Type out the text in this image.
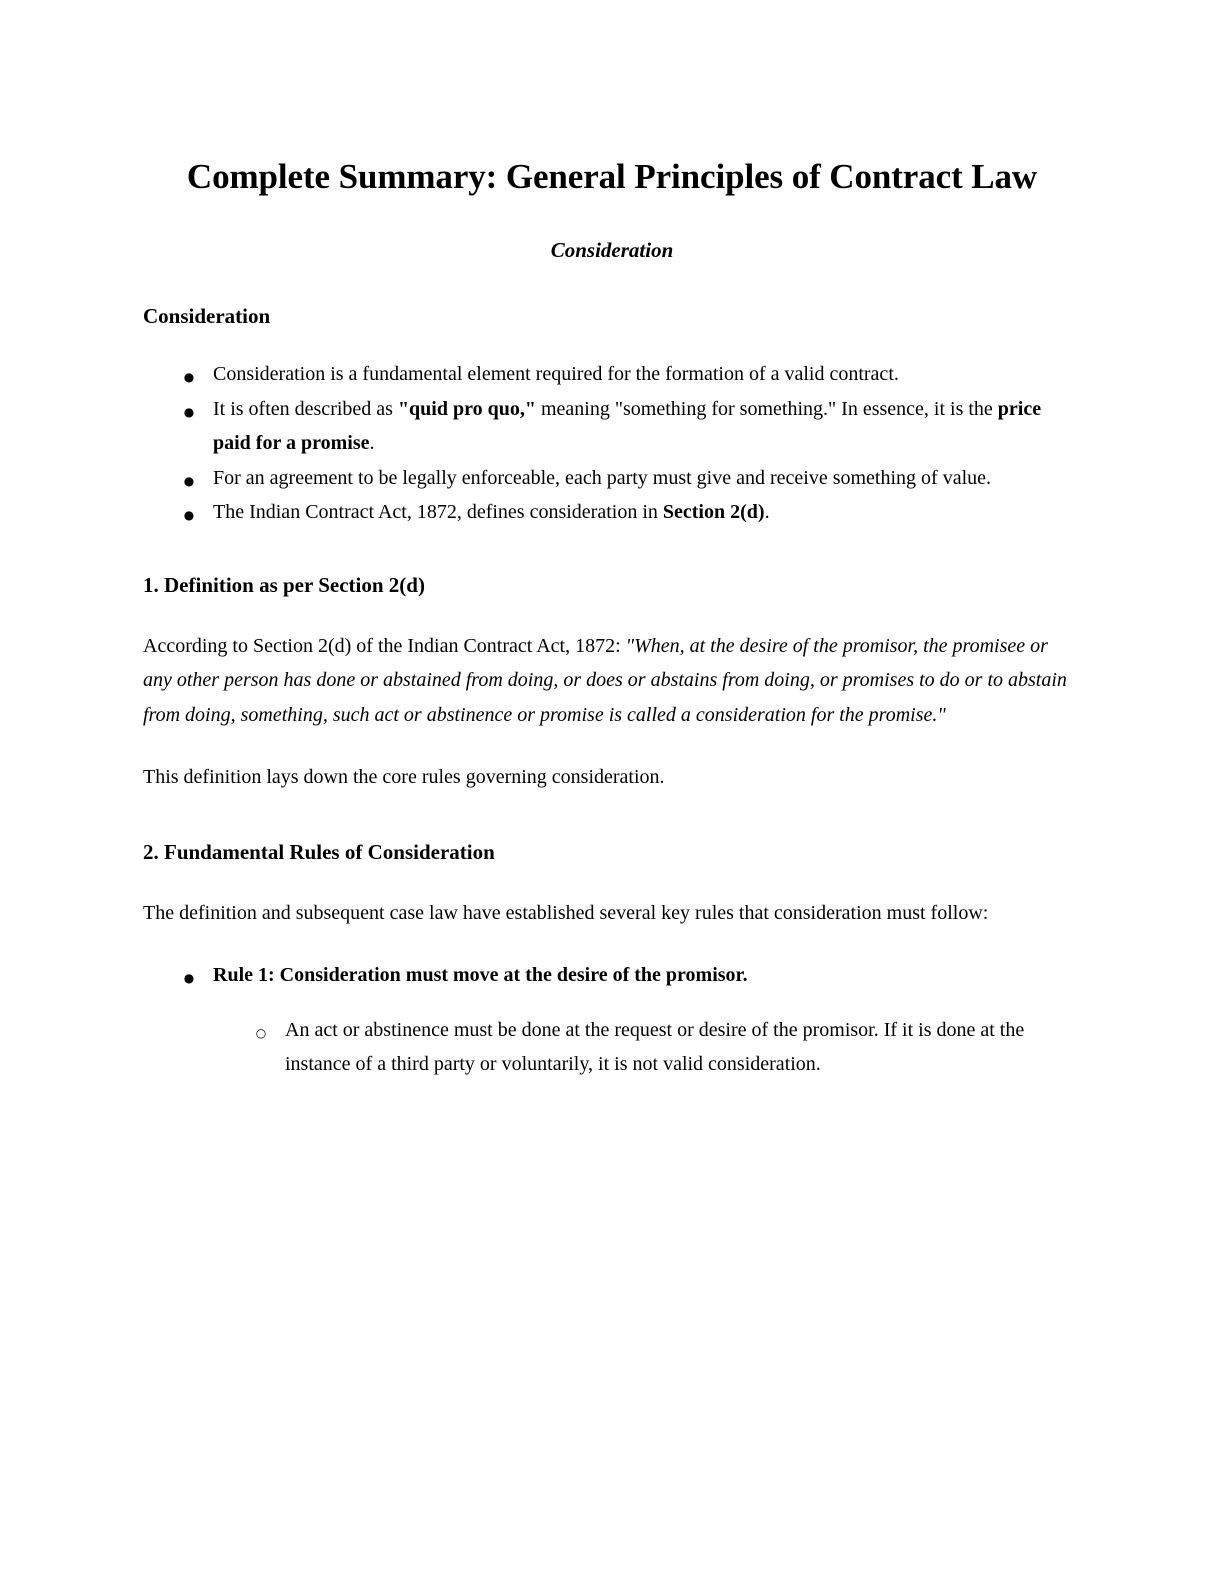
Complete Summary: General Principles of Contract Law
Consideration
Consideration
●
Consideration is a fundamental element required for the formation of a valid contract.
●
It is often described as "quid pro quo," meaning "something for something." In essence, it is the price paid for a promise.
●
For an agreement to be legally enforceable, each party must give and receive something of value.
●
The Indian Contract Act, 1872, defines consideration in Section 2(d).
1. Definition as per Section 2(d)

According to Section 2(d) of the Indian Contract Act, 1872: "When, at the desire of the promisor, the promisee or any other person has done or abstained from doing, or does or abstains from doing, or promises to do or to abstain from doing, something, such act or abstinence or promise is called a consideration for the promise."

This definition lays down the core rules governing consideration.

2. Fundamental Rules of Consideration

The definition and subsequent case law have established several key rules that consideration must follow:

●
Rule 1: Consideration must move at the desire of the promisor.
○
An act or abstinence must be done at the request or desire of the promisor. If it is done at the instance of a third party or voluntarily, it is not valid consideration.
